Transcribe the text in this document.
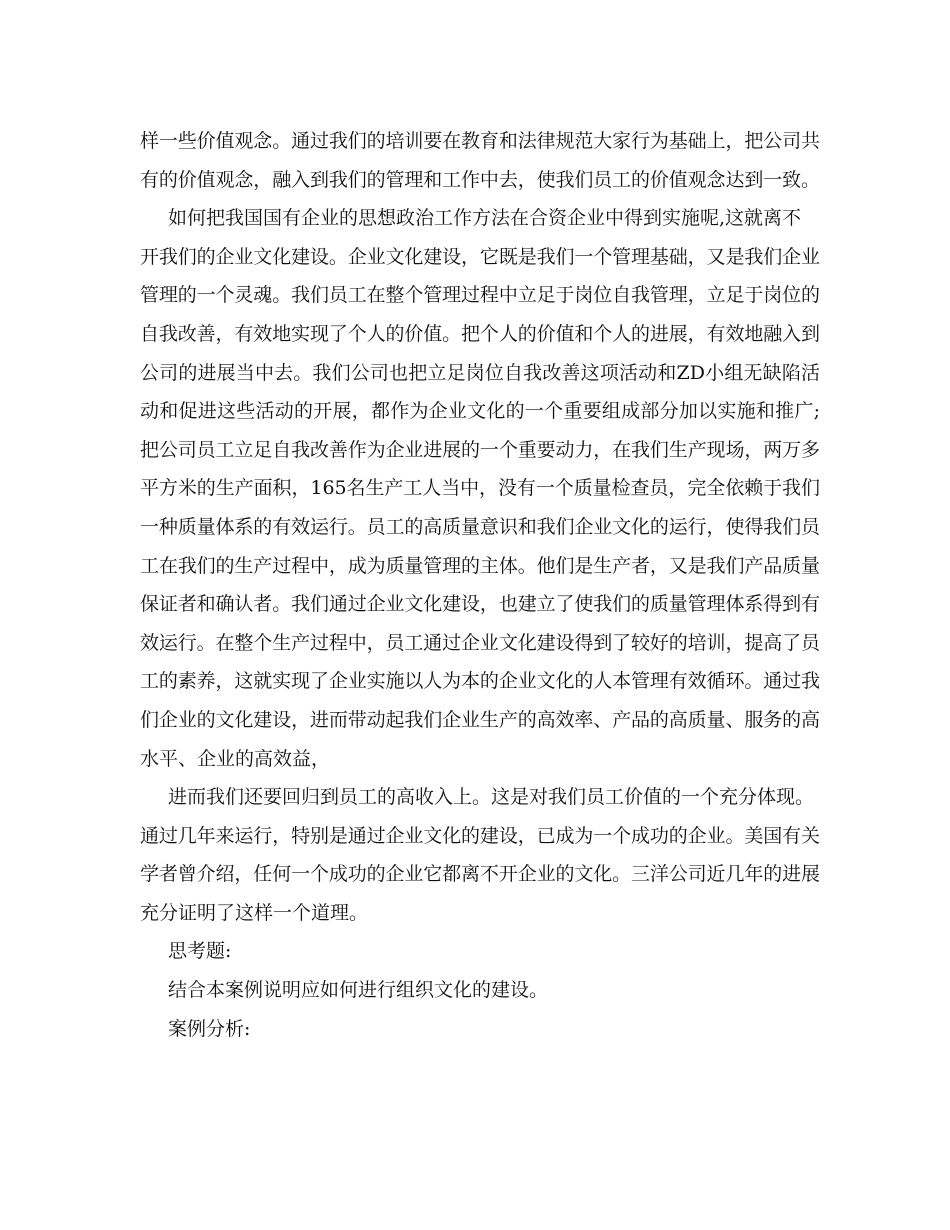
样一些价值观念。通过我们的培训要在教育和法律规范大家行为基础上，把公司共
有的价值观念，融入到我们的管理和工作中去，使我们员工的价值观念达到一致。
如何把我国国有企业的思想政治工作方法在合资企业中得到实施呢,这就离不
开我们的企业文化建设。企业文化建设，它既是我们一个管理基础，又是我们企业
管理的一个灵魂。我们员工在整个管理过程中立足于岗位自我管理，立足于岗位的
自我改善，有效地实现了个人的价值。把个人的价值和个人的进展，有效地融入到
公司的进展当中去。我们公司也把立足岗位自我改善这项活动和ZD小组无缺陷活
动和促进这些活动的开展，都作为企业文化的一个重要组成部分加以实施和推广;
把公司员工立足自我改善作为企业进展的一个重要动力，在我们生产现场，两万多
平方米的生产面积，165名生产工人当中，没有一个质量检查员，完全依赖于我们
一种质量体系的有效运行。员工的高质量意识和我们企业文化的运行，使得我们员
工在我们的生产过程中，成为质量管理的主体。他们是生产者，又是我们产品质量
保证者和确认者。我们通过企业文化建设，也建立了使我们的质量管理体系得到有
效运行。在整个生产过程中，员工通过企业文化建设得到了较好的培训，提高了员
工的素养，这就实现了企业实施以人为本的企业文化的人本管理有效循环。通过我
们企业的文化建设，进而带动起我们企业生产的高效率、产品的高质量、服务的高
水平、企业的高效益，
进而我们还要回归到员工的高收入上。这是对我们员工价值的一个充分体现。
通过几年来运行，特别是通过企业文化的建设，已成为一个成功的企业。美国有关
学者曾介绍，任何一个成功的企业它都离不开企业的文化。三洋公司近几年的进展
充分证明了这样一个道理。
思考题:
结合本案例说明应如何进行组织文化的建设。
案例分析:
